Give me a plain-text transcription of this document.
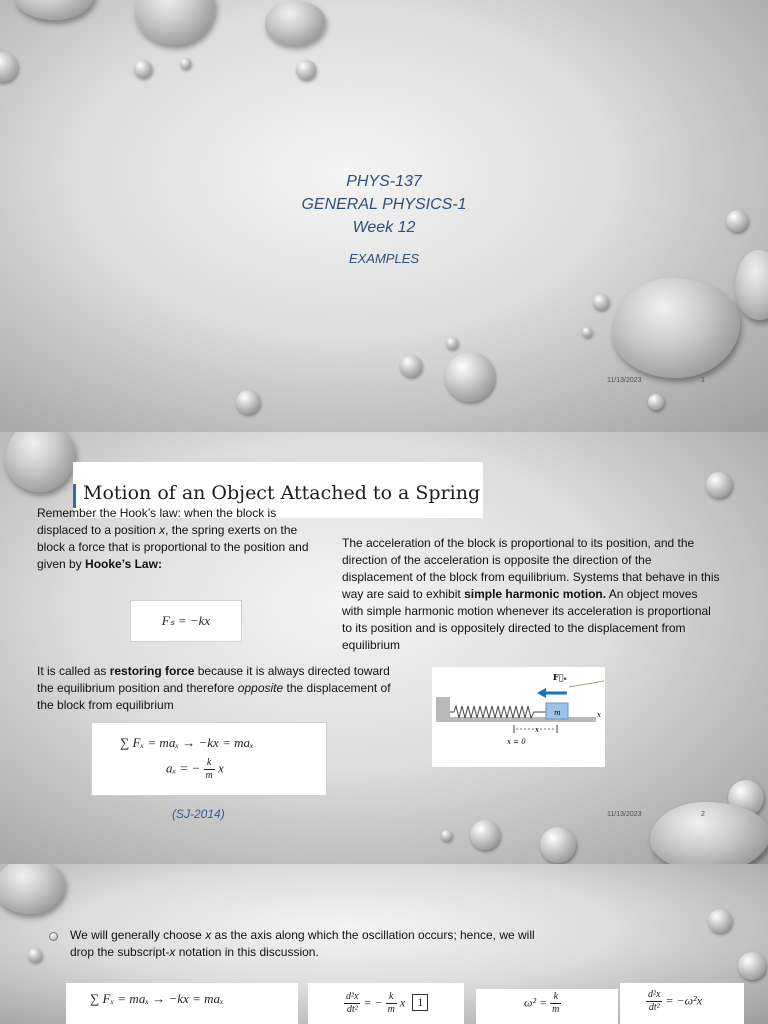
PHYS-137
GENERAL PHYSICS-1
Week 12
EXAMPLES
11/13/2023	1
Motion of an Object Attached to a Spring
Remember the Hook’s law: when the block is displaced to a position x, the spring exerts on the block a force that is proportional to the position and given by Hooke’s Law:
Fₛ = −kx
The acceleration of the block is proportional to its position, and the direction of the acceleration is opposite the direction of the displacement of the block from equilibrium. Systems that behave in this way are said to exhibit simple harmonic motion. An object moves with simple harmonic motion whenever its acceleration is proportional to its position and is oppositely directed to the displacement from equilibrium
It is called as restoring force because it is always directed toward the equilibrium position and therefore opposite the displacement of the block from equilibrium
∑ Fₓ = maₓ → −kx = maₓ
aₓ = − $\frac{k}{m}$ x
F⃗ₛ
m
x
x
x = 0
(SJ-2014)	11/13/2023	2
We will generally choose x as the axis along which the oscillation occurs; hence, we will drop the subscript-x notation in this discussion.
∑ Fₓ = maₓ → −kx = maₓ	$\frac{\text{d²x}}{\text{dt²}}$ = − $\frac{k}{m}$ x 1	$\omega^2 = \frac{k}{m}$	$\frac{\text{d²x}}{\text{dt²}} = -\omega^2x$
